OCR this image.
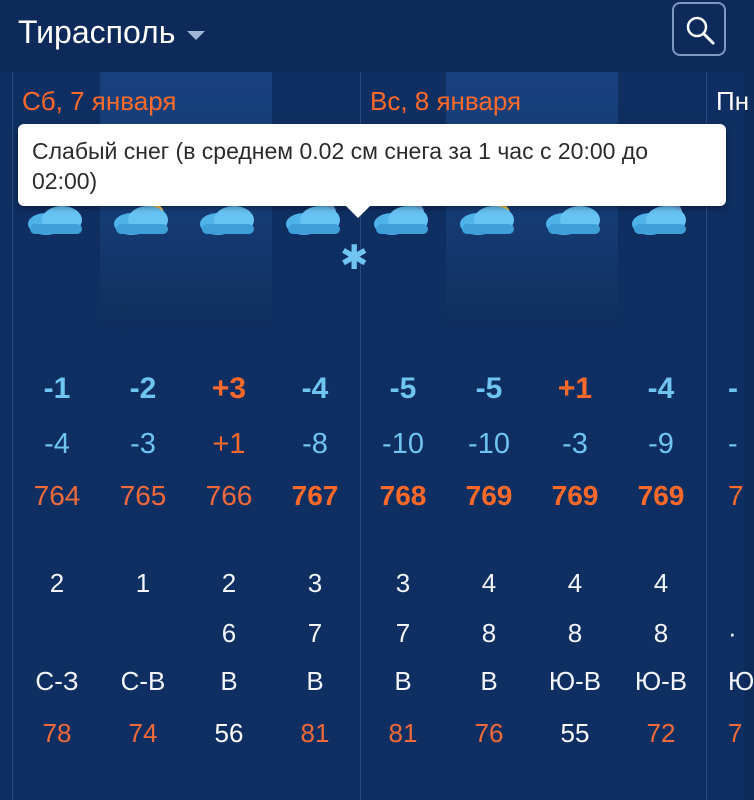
Тирасполь
Сб, 7 января	Вс, 8 января	Пн
-1
-4
764
2
С-З
78
-2
-3
765
1
С-В
74
+3
+1
766
2
6
В
56
-4
-8
767
3
7
В
81
-5
-10
768
3
7
В
81
-5
-10
769
4
8
В
76
+1
-3
769
4
8
Ю-В
55
-4
-9
769
4
8
Ю-В
72
-
-
7
·
Ю
7
Слабый снег (в среднем 0.02 см снега за 1 час с 20:00 до 02:00)
✱
